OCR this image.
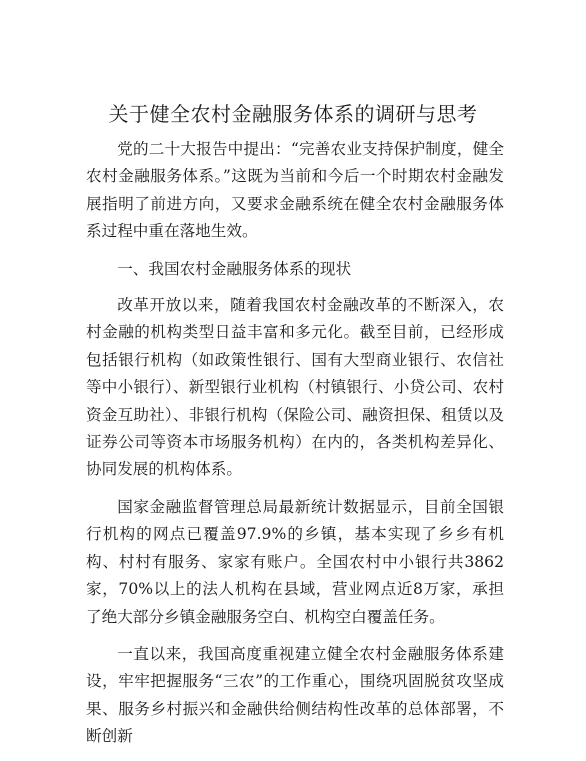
关于健全农村金融服务体系的调研与思考

党的二十大报告中提出：“完善农业支持保护制度，健全农村金融服务体系。”这既为当前和今后一个时期农村金融发展指明了前进方向，又要求金融系统在健全农村金融服务体系过程中重在落地生效。

一、我国农村金融服务体系的现状

改革开放以来，随着我国农村金融改革的不断深入，农村金融的机构类型日益丰富和多元化。截至目前，已经形成包括银行机构（如政策性银行、国有大型商业银行、农信社等中小银行）、新型银行业机构（村镇银行、小贷公司、农村资金互助社）、非银行机构（保险公司、融资担保、租赁以及证券公司等资本市场服务机构）在内的，各类机构差异化、协同发展的机构体系。

国家金融监督管理总局最新统计数据显示，目前全国银行机构的网点已覆盖97.9%的乡镇，基本实现了乡乡有机构、村村有服务、家家有账户。全国农村中小银行共3862家，70%以上的法人机构在县域，营业网点近8万家，承担了绝大部分乡镇金融服务空白、机构空白覆盖任务。

一直以来，我国高度重视建立健全农村金融服务体系建设，牢牢把握服务“三农”的工作重心，围绕巩固脱贫攻坚成果、服务乡村振兴和金融供给侧结构性改革的总体部署，不断创新
